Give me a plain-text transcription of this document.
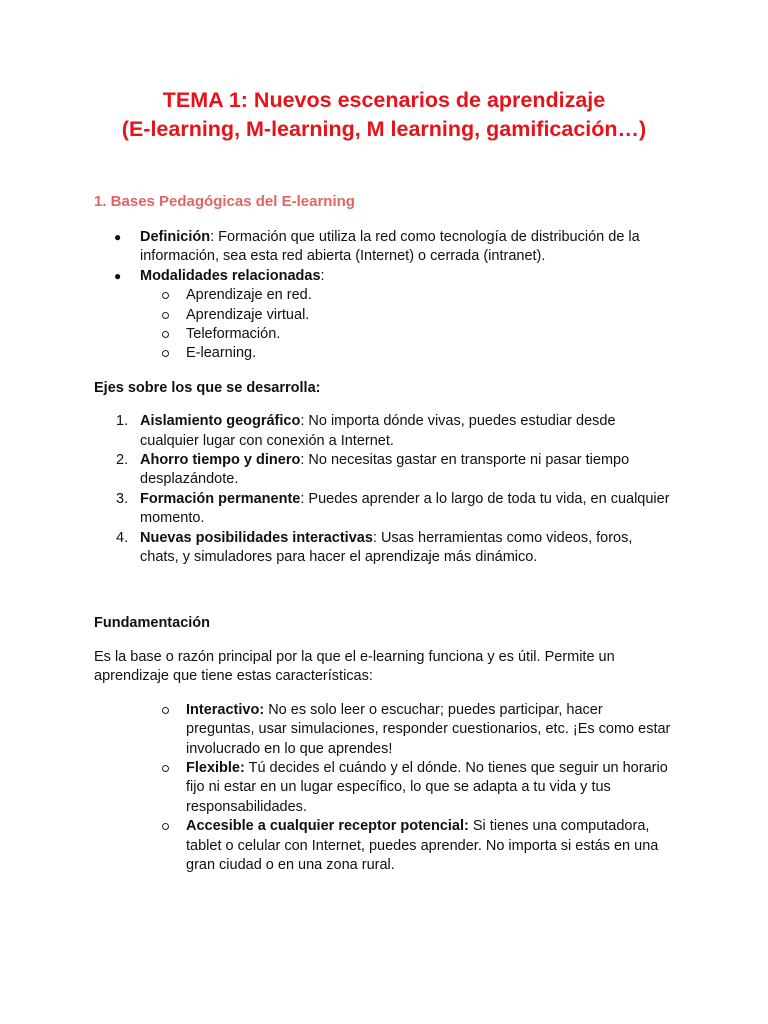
TEMA 1: Nuevos escenarios de aprendizaje
(E-learning, M-learning, M learning, gamificación…)
1. Bases Pedagógicas del E-learning
● Definición: Formación que utiliza la red como tecnología de distribución de la información, sea esta red abierta (Internet) o cerrada (intranet).
● Modalidades relacionadas:
Aprendizaje en red.
Aprendizaje virtual.
Teleformación.
E-learning.

Ejes sobre los que se desarrolla:

1. Aislamiento geográfico: No importa dónde vivas, puedes estudiar desde cualquier lugar con conexión a Internet.
2. Ahorro tiempo y dinero: No necesitas gastar en transporte ni pasar tiempo desplazándote.
3. Formación permanente: Puedes aprender a lo largo de toda tu vida, en cualquier momento.
4. Nuevas posibilidades interactivas: Usas herramientas como videos, foros, chats, y simuladores para hacer el aprendizaje más dinámico.

Fundamentación

Es la base o razón principal por la que el e-learning funciona y es útil. Permite un aprendizaje que tiene estas características:

Interactivo: No es solo leer o escuchar; puedes participar, hacer preguntas, usar simulaciones, responder cuestionarios, etc. ¡Es como estar involucrado en lo que aprendes!
Flexible: Tú decides el cuándo y el dónde. No tienes que seguir un horario fijo ni estar en un lugar específico, lo que se adapta a tu vida y tus responsabilidades.
Accesible a cualquier receptor potencial: Si tienes una computadora, tablet o celular con Internet, puedes aprender. No importa si estás en una gran ciudad o en una zona rural.
